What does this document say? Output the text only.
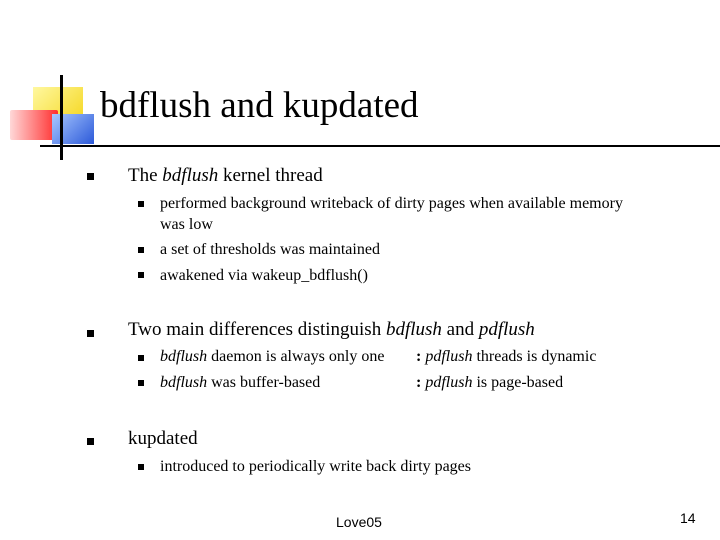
bdflush and kupdated
The bdflush kernel thread
performed background writeback of dirty pages when available memory
was low
a set of thresholds was maintained
awakened via wakeup_bdflush()
Two main differences distinguish bdflush and pdflush
bdflush daemon is always only one : pdflush threads is dynamic
bdflush was buffer-based	: pdflush is page-based
kupdated
introduced to periodically write back dirty pages
Love05	14
